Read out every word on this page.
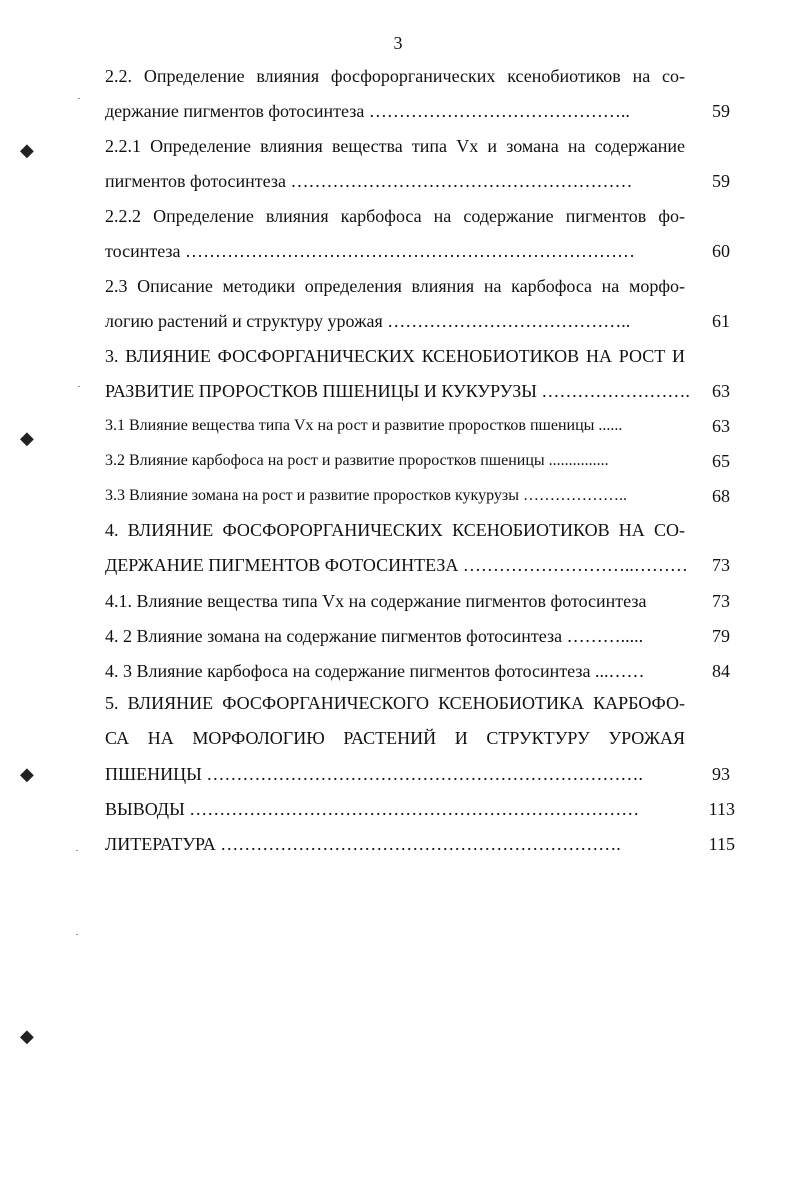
3
2.2. Определение влияния фосфорорганических ксенобиотиков на со-
держание пигментов фотосинтеза ……………………………………..	59
2.2.1 Определение влияния вещества типа Vx и зомана на содержание
пигментов фотосинтеза …………………………………………………	59
2.2.2 Определение влияния карбофоса на содержание пигментов фо-
тосинтеза …………………………………………………………………	60
2.3 Описание методики определения влияния на карбофоса на морфо-
логию растений и структуру урожая …………………………………..	61
3. ВЛИЯНИЕ ФОСФОРГАНИЧЕСКИХ КСЕНОБИОТИКОВ НА РОСТ И
РАЗВИТИЕ ПРОРОСТКОВ ПШЕНИЦЫ И КУКУРУЗЫ …………………….	63
3.1 Влияние вещества типа Vx на рост и развитие проростков пшеницы ......	63
3.2 Влияние карбофоса на рост и развитие проростков пшеницы ...............	65
3.3 Влияние зомана на рост и развитие проростков кукурузы ………………..	68
4. ВЛИЯНИЕ ФОСФОРОРГАНИЧЕСКИХ КСЕНОБИОТИКОВ НА СО-
ДЕРЖАНИЕ ПИГМЕНТОВ ФОТОСИНТЕЗА ………………………..………	73
4.1. Влияние вещества типа Vx на содержание пигментов фотосинтеза	73
4. 2 Влияние зомана на содержание пигментов фотосинтеза ……….....	79
4. 3 Влияние карбофоса на содержание пигментов фотосинтеза ...……	84
5. ВЛИЯНИЕ ФОСФОРГАНИЧЕСКОГО КСЕНОБИОТИКА КАРБОФО-
СА НА МОРФОЛОГИЮ РАСТЕНИЙ И СТРУКТУРУ УРОЖАЯ
ПШЕНИЦЫ ……………………………………………………………….	93
ВЫВОДЫ …………………………………………………………………	113
ЛИТЕРАТУРА ………………………………………………………….	115
◆
◆
◆
◆
